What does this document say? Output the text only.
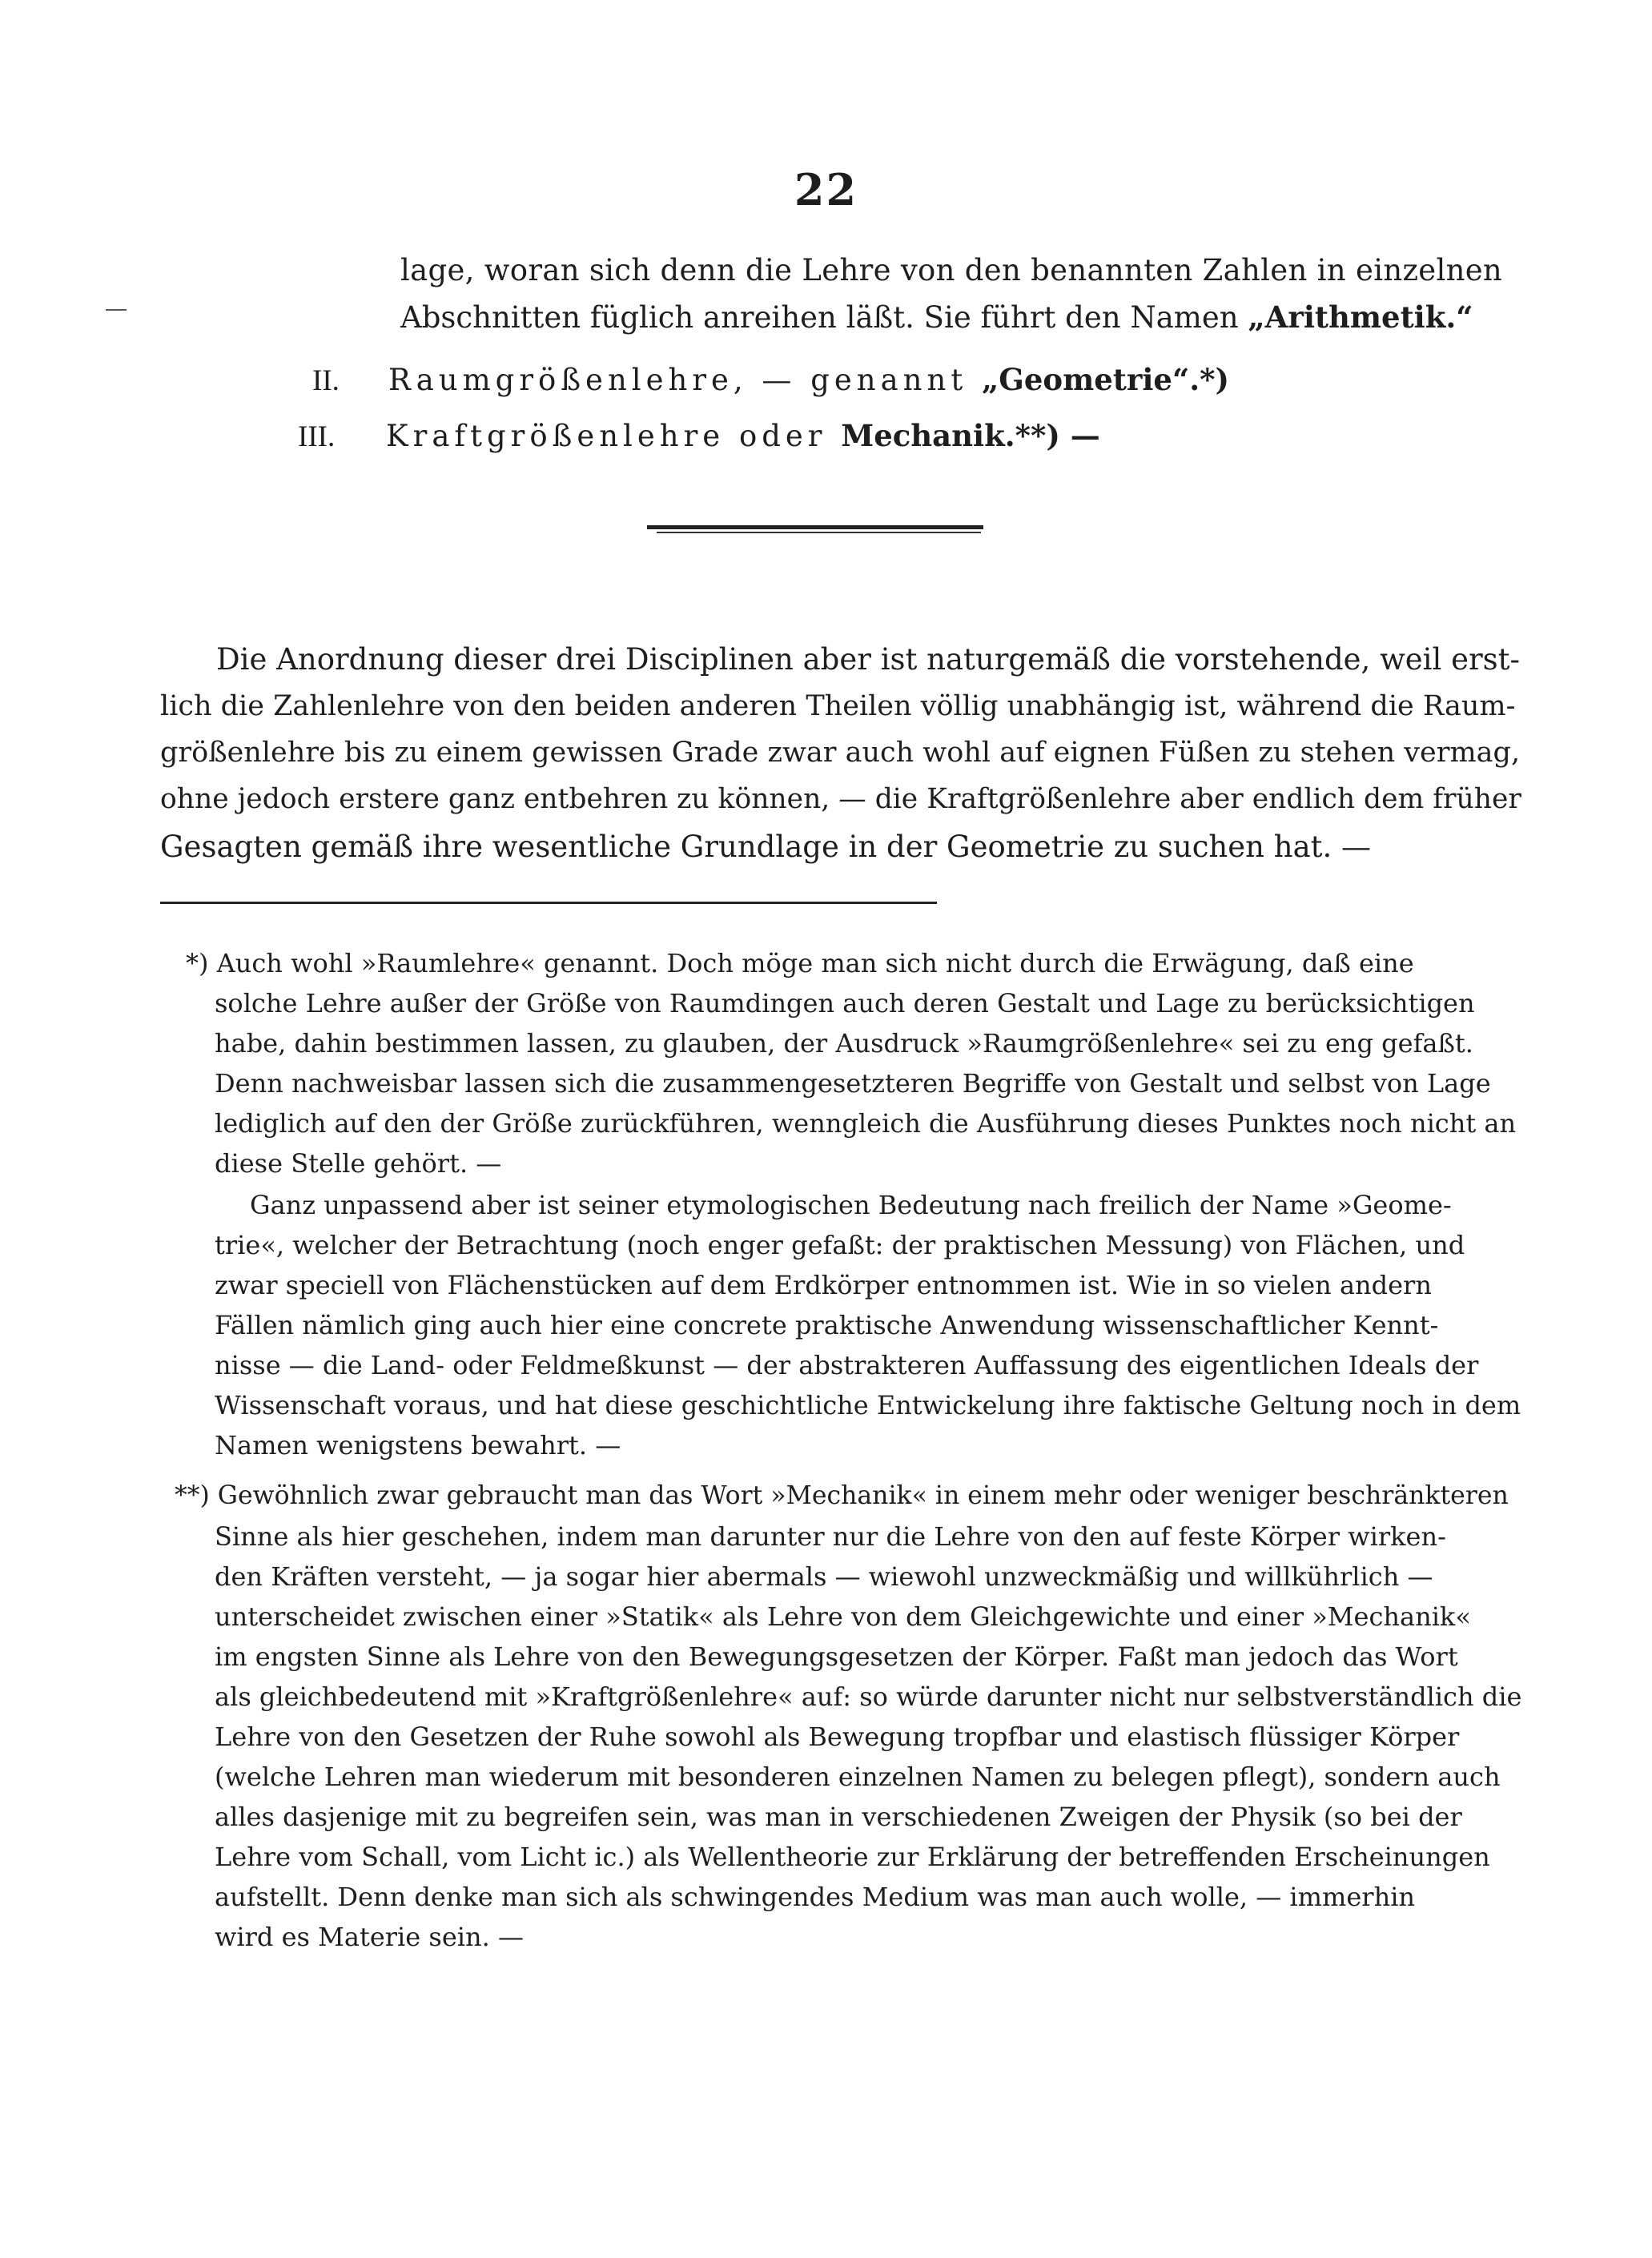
22
lage, woran sich denn die Lehre von den benannten Zahlen in einzelnen
Abschnitten füglich anreihen läßt. Sie führt den Namen „Arithmetik.“
II. Raumgrößenlehre, — genannt „Geometrie“.*)
III. Kraftgrößenlehre oder Mechanik.**) —
Die Anordnung dieser drei Disciplinen aber ist naturgemäß die vorstehende, weil erst-
lich die Zahlenlehre von den beiden anderen Theilen völlig unabhängig ist, während die Raum-
größenlehre bis zu einem gewissen Grade zwar auch wohl auf eignen Füßen zu stehen vermag,
ohne jedoch erstere ganz entbehren zu können, — die Kraftgrößenlehre aber endlich dem früher
Gesagten gemäß ihre wesentliche Grundlage in der Geometrie zu suchen hat. —
*) Auch wohl »Raumlehre« genannt. Doch möge man sich nicht durch die Erwägung, daß eine
solche Lehre außer der Größe von Raumdingen auch deren Gestalt und Lage zu berücksichtigen
habe, dahin bestimmen lassen, zu glauben, der Ausdruck »Raumgrößenlehre« sei zu eng gefaßt.
Denn nachweisbar lassen sich die zusammengesetzteren Begriffe von Gestalt und selbst von Lage
lediglich auf den der Größe zurückführen, wenngleich die Ausführung dieses Punktes noch nicht an
diese Stelle gehört. —
Ganz unpassend aber ist seiner etymologischen Bedeutung nach freilich der Name »Geome-
trie«, welcher der Betrachtung (noch enger gefaßt: der praktischen Messung) von Flächen, und
zwar speciell von Flächenstücken auf dem Erdkörper entnommen ist. Wie in so vielen andern
Fällen nämlich ging auch hier eine concrete praktische Anwendung wissenschaftlicher Kennt-
nisse — die Land- oder Feldmeßkunst — der abstrakteren Auffassung des eigentlichen Ideals der
Wissenschaft voraus, und hat diese geschichtliche Entwickelung ihre faktische Geltung noch in dem
Namen wenigstens bewahrt. —
**) Gewöhnlich zwar gebraucht man das Wort »Mechanik« in einem mehr oder weniger beschränkteren
Sinne als hier geschehen, indem man darunter nur die Lehre von den auf feste Körper wirken-
den Kräften versteht, — ja sogar hier abermals — wiewohl unzweckmäßig und willkührlich —
unterscheidet zwischen einer »Statik« als Lehre von dem Gleichgewichte und einer »Mechanik«
im engsten Sinne als Lehre von den Bewegungsgesetzen der Körper. Faßt man jedoch das Wort
als gleichbedeutend mit »Kraftgrößenlehre« auf: so würde darunter nicht nur selbstverständlich die
Lehre von den Gesetzen der Ruhe sowohl als Bewegung tropfbar und elastisch flüssiger Körper
(welche Lehren man wiederum mit besonderen einzelnen Namen zu belegen pflegt), sondern auch
alles dasjenige mit zu begreifen sein, was man in verschiedenen Zweigen der Physik (so bei der
Lehre vom Schall, vom Licht ic.) als Wellentheorie zur Erklärung der betreffenden Erscheinungen
aufstellt. Denn denke man sich als schwingendes Medium was man auch wolle, — immerhin
wird es Materie sein. —
